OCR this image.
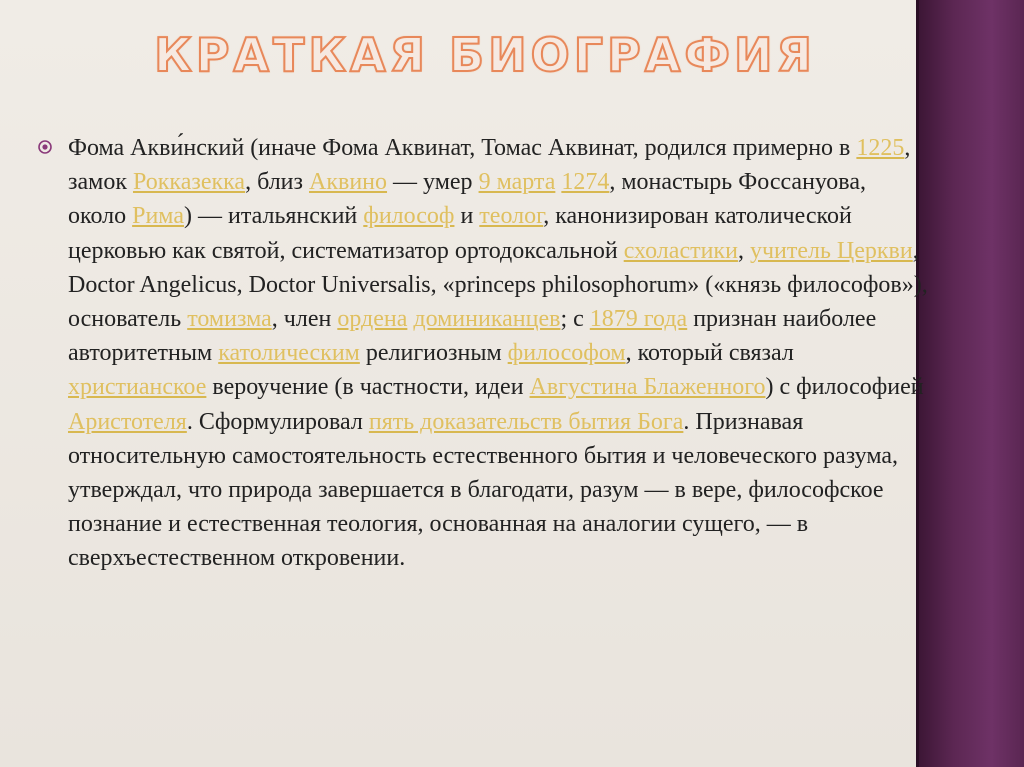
КРАТКАЯ БИОГРАФИЯ
Фома Акви́нский (иначе Фома Аквинат, Томас Аквинат, родился примерно в 1225, замок Рокказекка, близ Аквино — умер 9 марта 1274, монастырь Фоссануова, около Рима) — итальянский философ и теолог, канонизирован католической церковью как святой, систематизатор ортодоксальной схоластики, учитель Церкви, Doctor Angelicus, Doctor Universalis, «princeps philosophorum» («князь философов»), основатель томизма, член ордена доминиканцев; с 1879 года признан наиболее авторитетным католическим религиозным философом, который связал христианское вероучение (в частности, идеи Августина Блаженного) с философией Аристотеля. Сформулировал пять доказательств бытия Бога. Признавая относительную самостоятельность естественного бытия и человеческого разума, утверждал, что природа завершается в благодати, разум — в вере, философское познание и естественная теология, основанная на аналогии сущего, — в сверхъестественном откровении.
